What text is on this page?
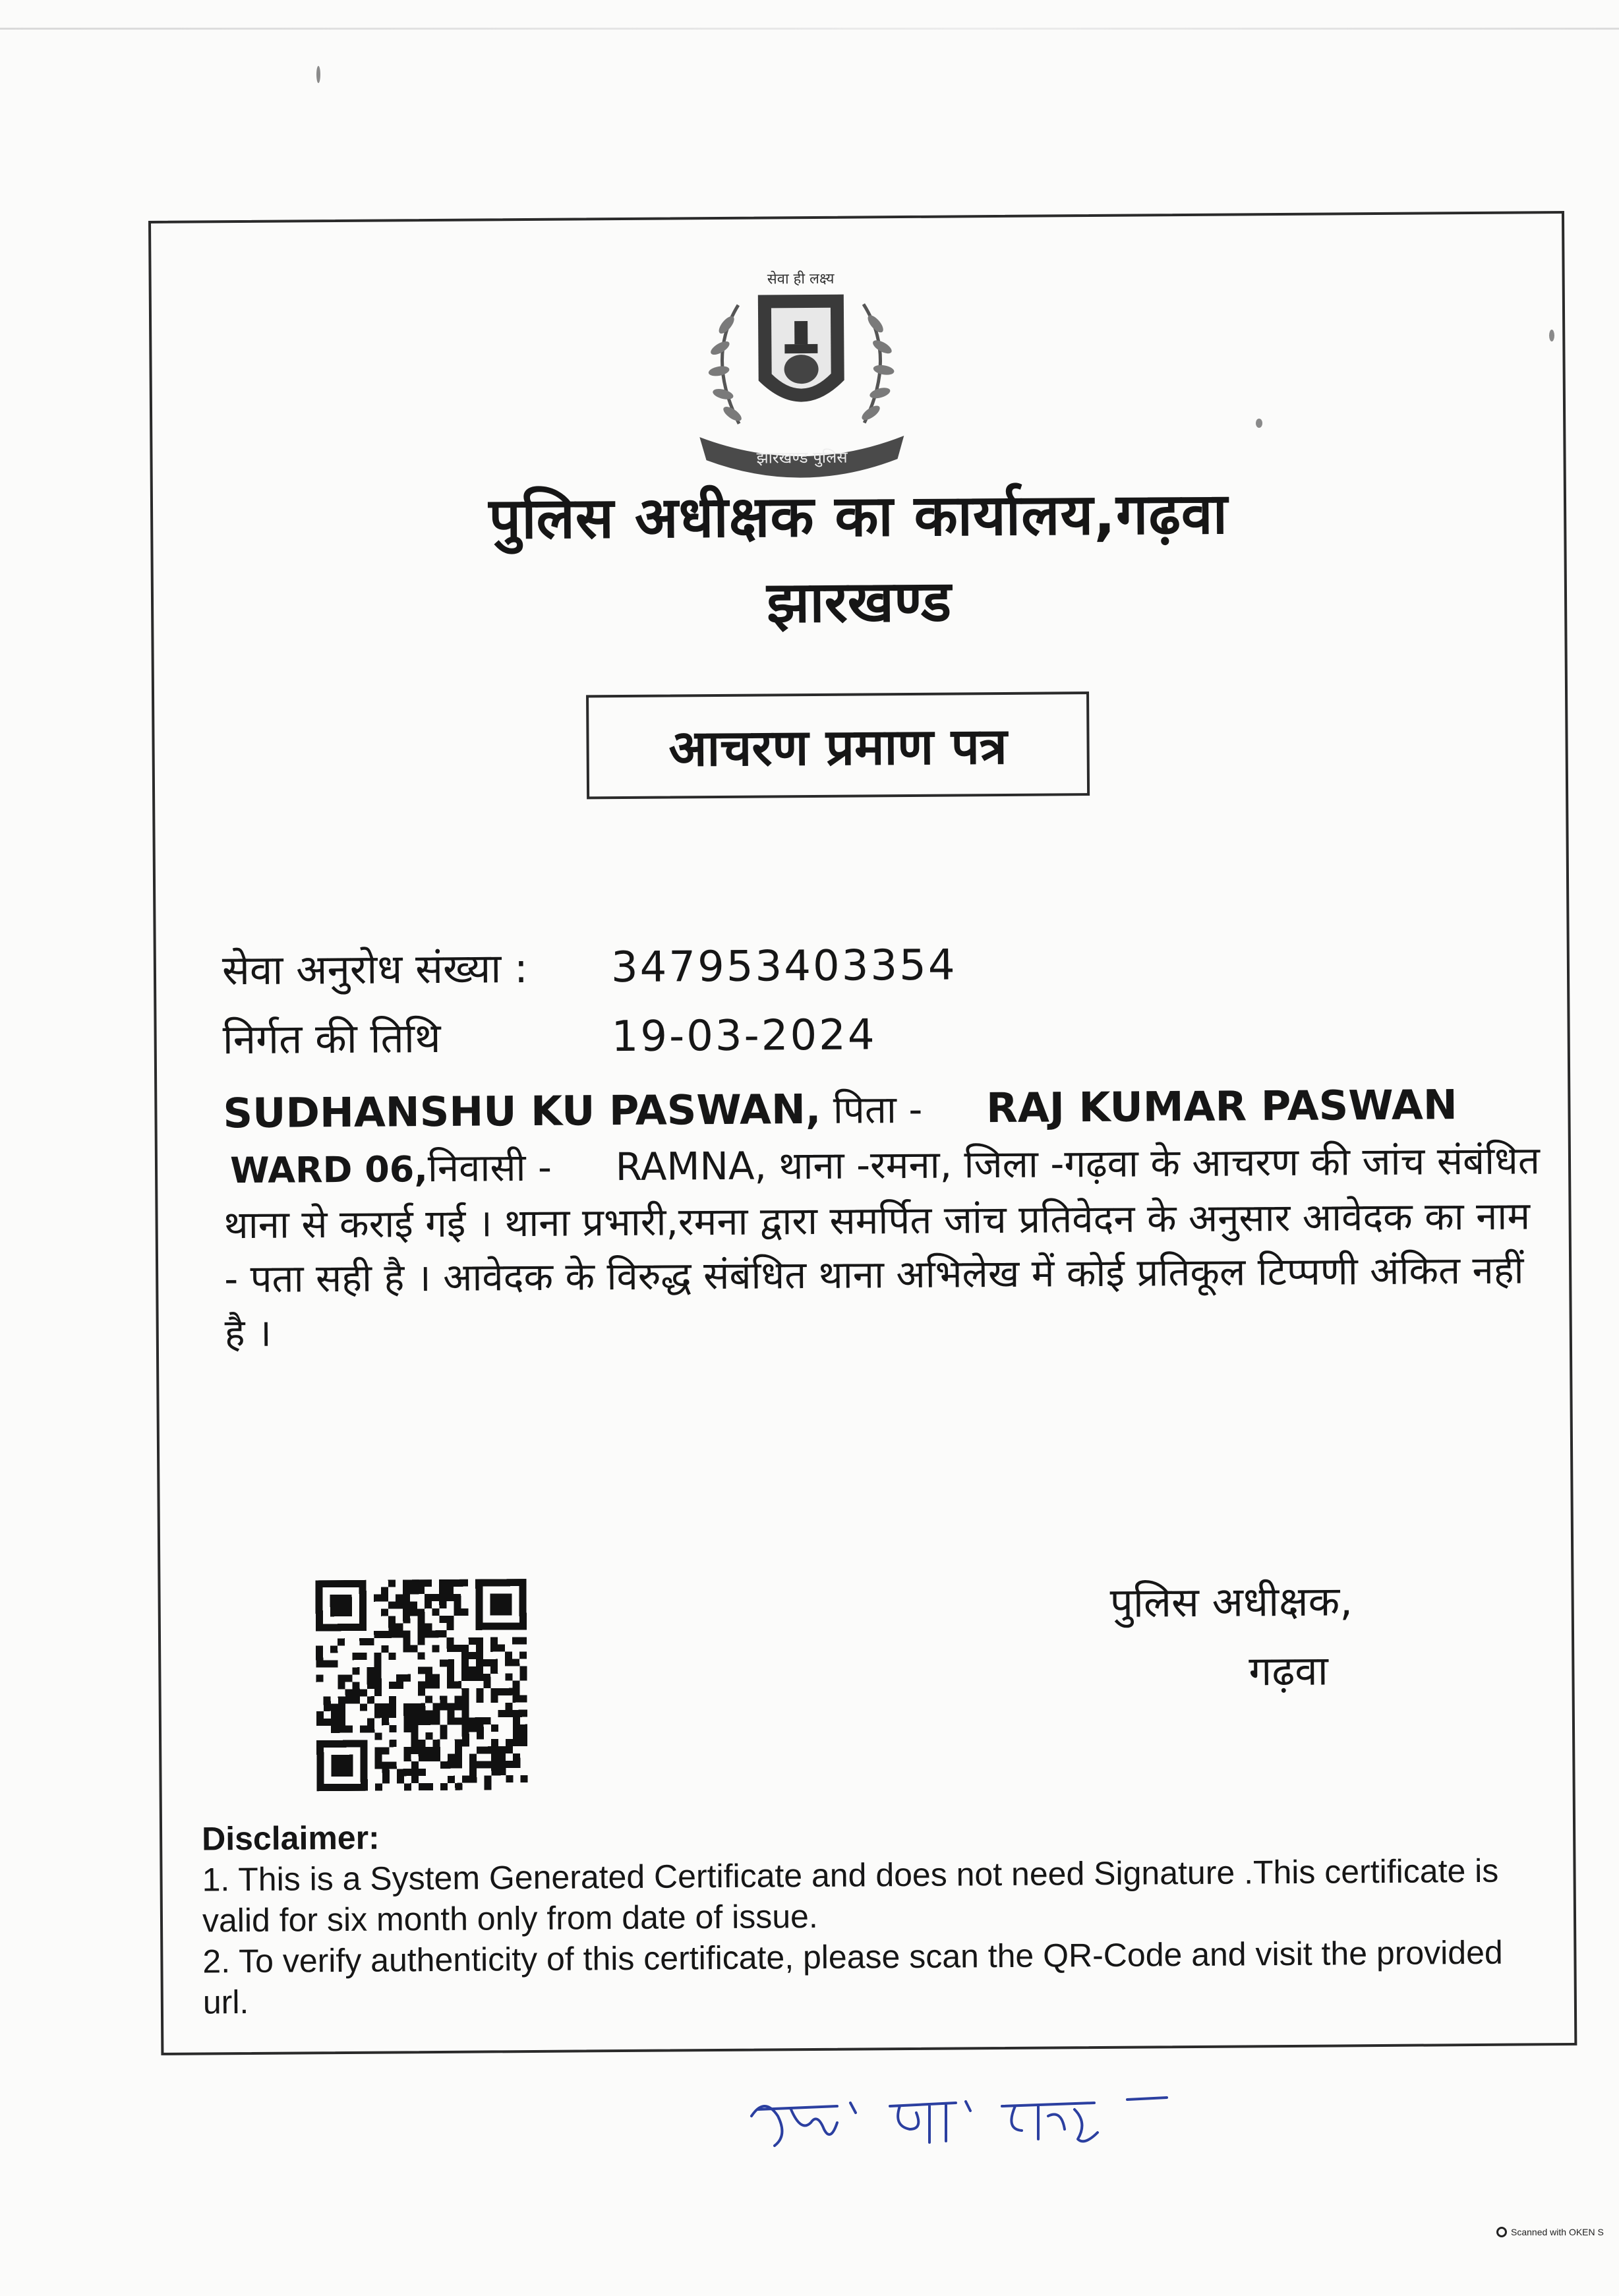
सेवा ही लक्ष्य
झारखण्ड पुलिस
पुलिस अधीक्षक का कार्यालय,गढ़वा
झारखण्ड
आचरण प्रमाण पत्र
सेवा अनुरोध संख्या :	347953403354
निर्गत की तिथि	19-03-2024
SUDHANSHU KU PASWAN, पिता - RAJ KUMAR PASWAN
WARD 06,निवासी - RAMNA, थाना -रमना, जिला -गढ़वा के आचरण की जांच संबंधित थाना से कराई गई । थाना प्रभारी,रमना द्वारा समर्पित जांच प्रतिवेदन के अनुसार आवेदक का नाम - पता सही है । आवेदक के विरुद्ध संबंधित थाना अभिलेख में कोई प्रतिकूल टिप्पणी अंकित नहीं है ।
पुलिस अधीक्षक,
गढ़वा
Disclaimer:
1. This is a System Generated Certificate and does not need Signature .This certificate is valid for six month only from date of issue.
2. To verify authenticity of this certificate, please scan the QR-Code and visit the provided url.
Scanned with OKEN S
